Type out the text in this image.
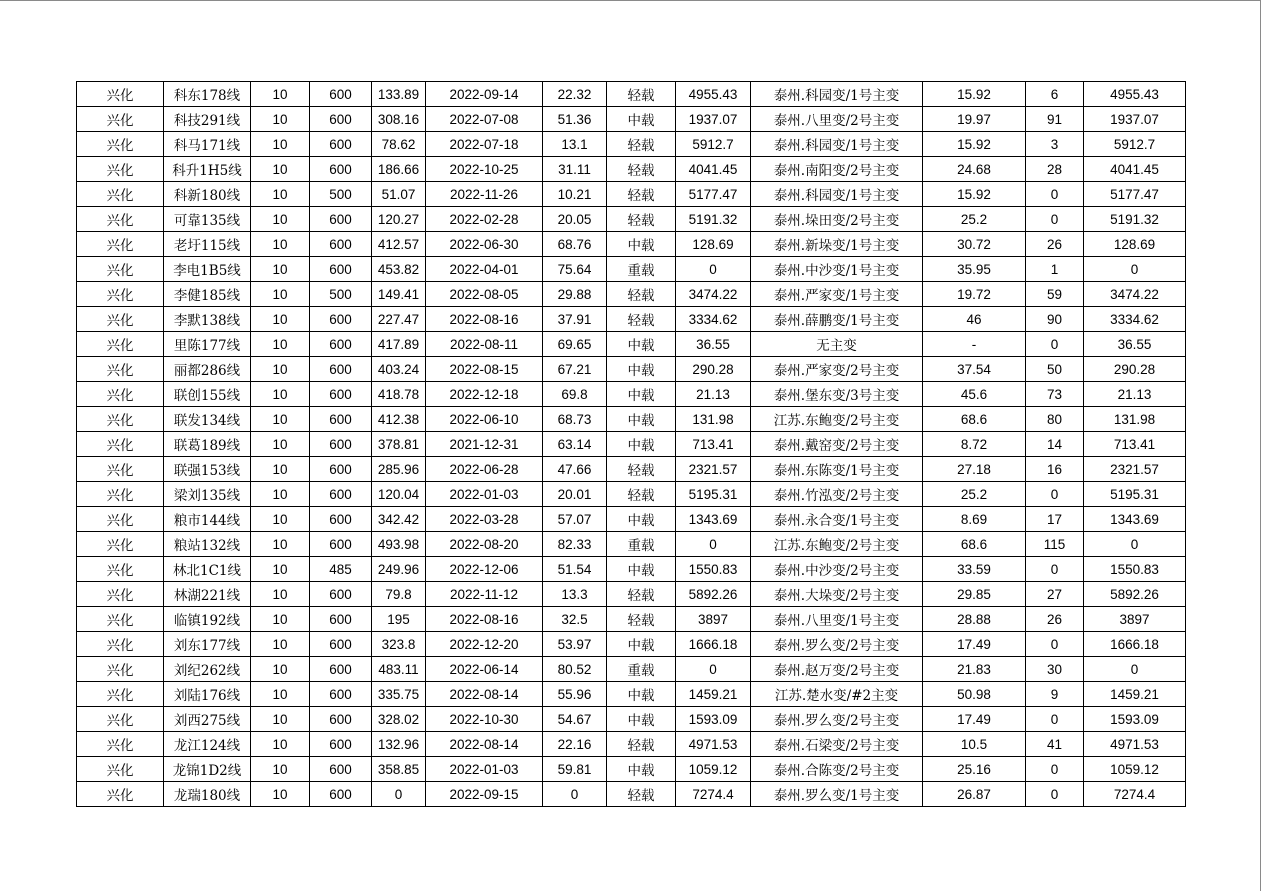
兴化	科东178线	10	600	133.89	2022-09-14	22.32	轻载	4955.43	泰州.科园变/1号主变	15.92	6	4955.43
兴化	科技291线	10	600	308.16	2022-07-08	51.36	中载	1937.07	泰州.八里变/2号主变	19.97	91	1937.07
兴化	科马171线	10	600	78.62	2022-07-18	13.1	轻载	5912.7	泰州.科园变/1号主变	15.92	3	5912.7
兴化	科升1H5线	10	600	186.66	2022-10-25	31.11	轻载	4041.45	泰州.南阳变/2号主变	24.68	28	4041.45
兴化	科新180线	10	500	51.07	2022-11-26	10.21	轻载	5177.47	泰州.科园变/1号主变	15.92	0	5177.47
兴化	可靠135线	10	600	120.27	2022-02-28	20.05	轻载	5191.32	泰州.垛田变/2号主变	25.2	0	5191.32
兴化	老圩115线	10	600	412.57	2022-06-30	68.76	中载	128.69	泰州.新垛变/1号主变	30.72	26	128.69
兴化	李电1B5线	10	600	453.82	2022-04-01	75.64	重载	0	泰州.中沙变/1号主变	35.95	1	0
兴化	李健185线	10	500	149.41	2022-08-05	29.88	轻载	3474.22	泰州.严家变/1号主变	19.72	59	3474.22
兴化	李默138线	10	600	227.47	2022-08-16	37.91	轻载	3334.62	泰州.薛鹏变/1号主变	46	90	3334.62
兴化	里陈177线	10	600	417.89	2022-08-11	69.65	中载	36.55	无主变	-	0	36.55
兴化	丽都286线	10	600	403.24	2022-08-15	67.21	中载	290.28	泰州.严家变/2号主变	37.54	50	290.28
兴化	联创155线	10	600	418.78	2022-12-18	69.8	中载	21.13	泰州.堡东变/3号主变	45.6	73	21.13
兴化	联发134线	10	600	412.38	2022-06-10	68.73	中载	131.98	江苏.东鲍变/2号主变	68.6	80	131.98
兴化	联葛189线	10	600	378.81	2021-12-31	63.14	中载	713.41	泰州.戴窑变/2号主变	8.72	14	713.41
兴化	联强153线	10	600	285.96	2022-06-28	47.66	轻载	2321.57	泰州.东陈变/1号主变	27.18	16	2321.57
兴化	梁刘135线	10	600	120.04	2022-01-03	20.01	轻载	5195.31	泰州.竹泓变/2号主变	25.2	0	5195.31
兴化	粮市144线	10	600	342.42	2022-03-28	57.07	中载	1343.69	泰州.永合变/1号主变	8.69	17	1343.69
兴化	粮站132线	10	600	493.98	2022-08-20	82.33	重载	0	江苏.东鲍变/2号主变	68.6	115	0
兴化	林北1C1线	10	485	249.96	2022-12-06	51.54	中载	1550.83	泰州.中沙变/2号主变	33.59	0	1550.83
兴化	林湖221线	10	600	79.8	2022-11-12	13.3	轻载	5892.26	泰州.大垛变/2号主变	29.85	27	5892.26
兴化	临镇192线	10	600	195	2022-08-16	32.5	轻载	3897	泰州.八里变/1号主变	28.88	26	3897
兴化	刘东177线	10	600	323.8	2022-12-20	53.97	中载	1666.18	泰州.罗么变/2号主变	17.49	0	1666.18
兴化	刘纪262线	10	600	483.11	2022-06-14	80.52	重载	0	泰州.赵万变/2号主变	21.83	30	0
兴化	刘陆176线	10	600	335.75	2022-08-14	55.96	中载	1459.21	江苏.楚水变/#2主变	50.98	9	1459.21
兴化	刘西275线	10	600	328.02	2022-10-30	54.67	中载	1593.09	泰州.罗么变/2号主变	17.49	0	1593.09
兴化	龙江124线	10	600	132.96	2022-08-14	22.16	轻载	4971.53	泰州.石梁变/2号主变	10.5	41	4971.53
兴化	龙锦1D2线	10	600	358.85	2022-01-03	59.81	中载	1059.12	泰州.合陈变/2号主变	25.16	0	1059.12
兴化	龙瑞180线	10	600	0	2022-09-15	0	轻载	7274.4	泰州.罗么变/1号主变	26.87	0	7274.4
